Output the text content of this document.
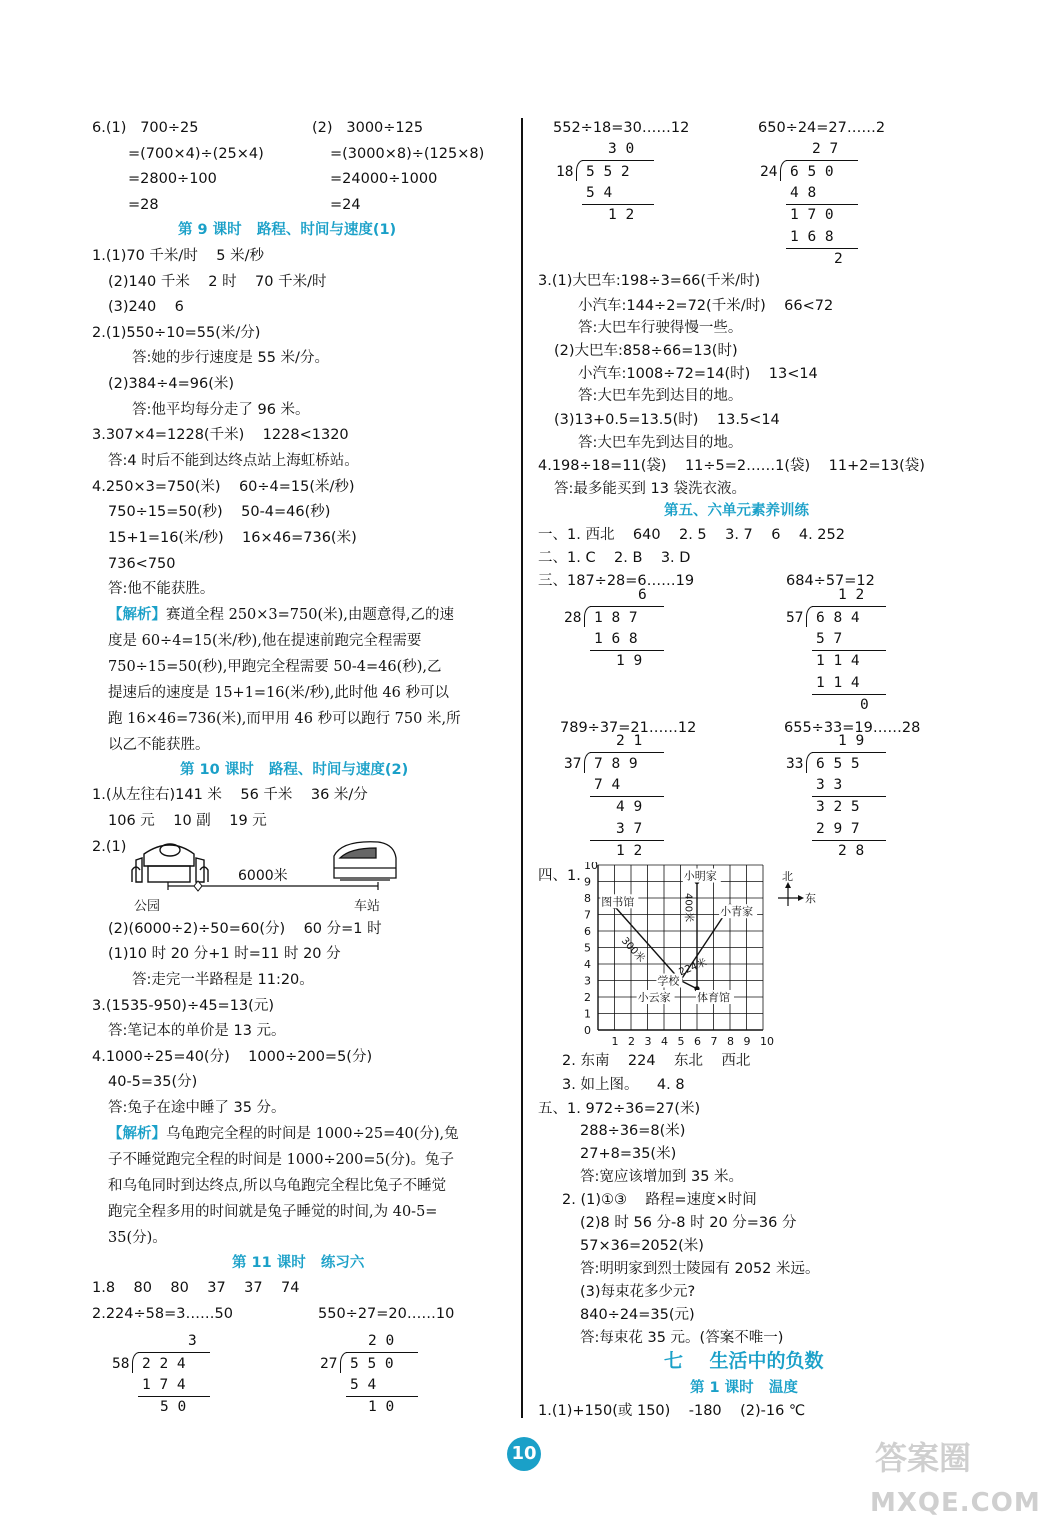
6.(1)   700÷25	(2)   3000÷125
=(700×4)÷(25×4)	=(3000×8)÷(125×8)
=2800÷100	=24000÷1000
=28	=24
第 9 课时   路程、时间与速度(1)
1.(1)70 千米/时    5 米/秒
(2)140 千米    2 时    70 千米/时
(3)240    6
2.(1)550÷10=55(米/分)
答:她的步行速度是 55 米/分。
(2)384÷4=96(米)
答:他平均每分走了 96 米。
3.307×4=1228(千米)    1228<1320
答:4 时后不能到达终点站上海虹桥站。
4.250×3=750(米)    60÷4=15(米/秒)
750÷15=50(秒)    50-4=46(秒)
15+1=16(米/秒)    16×46=736(米)
736<750
答:他不能获胜。
【解析】赛道全程 250×3=750(米),由题意得,乙的速
度是 60÷4=15(米/秒),他在提速前跑完全程需要
750÷15=50(秒),甲跑完全程需要 50-4=46(秒),乙
提速后的速度是 15+1=16(米/秒),此时他 46 秒可以
跑 16×46=736(米),而甲用 46 秒可以跑行 750 米,所
以乙不能获胜。
第 10 课时   路程、时间与速度(2)
1.(从左往右)141 米    56 千米    36 米/分
106 元    10 副    19 元
2.(1)
6000米
公园	车站
(2)(6000÷2)÷50=60(分)    60 分=1 时
(1)10 时 20 分+1 时=11 时 20 分
答:走完一半路程是 11:20。
3.(1535-950)÷45=13(元)
答:笔记本的单价是 13 元。
4.1000÷25=40(分)    1000÷200=5(分)
40-5=35(分)
答:兔子在途中睡了 35 分。
【解析】乌龟跑完全程的时间是 1000÷25=40(分),兔
子不睡觉跑完全程的时间是 1000÷200=5(分)。兔子
和乌龟同时到达终点,所以乌龟跑完全程比兔子不睡觉
跑完全程多用的时间就是兔子睡觉的时间,为 40-5=
35(分)。
第 11 课时   练习六
1.8    80    80    37    37    74
2.224÷58=3……50	550÷27=20……10
3
58 2 2 4
1 7 4
5 0
2 0
27 5 5 0
5 4
1 0
552÷18=30……12	650÷24=27……2
3 0
18 5 5 2
5 4
1 2
2 7
24 6 5 0
4 8
1 7 0
1 6 8
2
3.(1)大巴车:198÷3=66(千米/时)
小汽车:144÷2=72(千米/时)    66<72
答:大巴车行驶得慢一些。
(2)大巴车:858÷66=13(时)
小汽车:1008÷72=14(时)    13<14
答:大巴车先到达目的地。
(3)13+0.5=13.5(时)    13.5<14
答:大巴车先到达目的地。
4.198÷18=11(袋)    11÷5=2……1(袋)    11+2=13(袋)
答:最多能买到 13 袋洗衣液。
第五、六单元素养训练
一、1. 西北    640    2. 5    3. 7    6    4. 252
二、1. C    2. B    3. D
三、187÷28=6……19	684÷57=12
6
28 1 8 7
1 6 8
1 9
1 2
57 6 8 4
5 7
1 1 4
1 1 4
0
789÷37=21……12	655÷33=19……28
2 1
37 7 8 9
7 4
4 9
3 7
1 2
1 9
33 6 5 5
3 3
3 2 5
2 9 7
2 8
四、1.
10
9
8
7
6
5
4
3
2
1
0
1 2 3 4 5 6 7 8 9 10
图书馆
小明家
小青家
学校
小云家 体育馆
300米
400米
224米
北
东
2. 东南    224    东北    西北
3. 如上图。    4. 8
五、1. 972÷36=27(米)
288÷36=8(米)
27+8=35(米)
答:宽应该增加到 35 米。
2. (1)①③    路程=速度×时间
(2)8 时 56 分-8 时 20 分=36 分
57×36=2052(米)
答:明明家到烈士陵园有 2052 米远。
(3)每束花多少元?
840÷24=35(元)
答:每束花 35 元。(答案不唯一)
七    生活中的负数
第 1 课时   温度
1.(1)+150(或 150)    -180    (2)-16 ℃
10	答案圈
MXQE.COM
